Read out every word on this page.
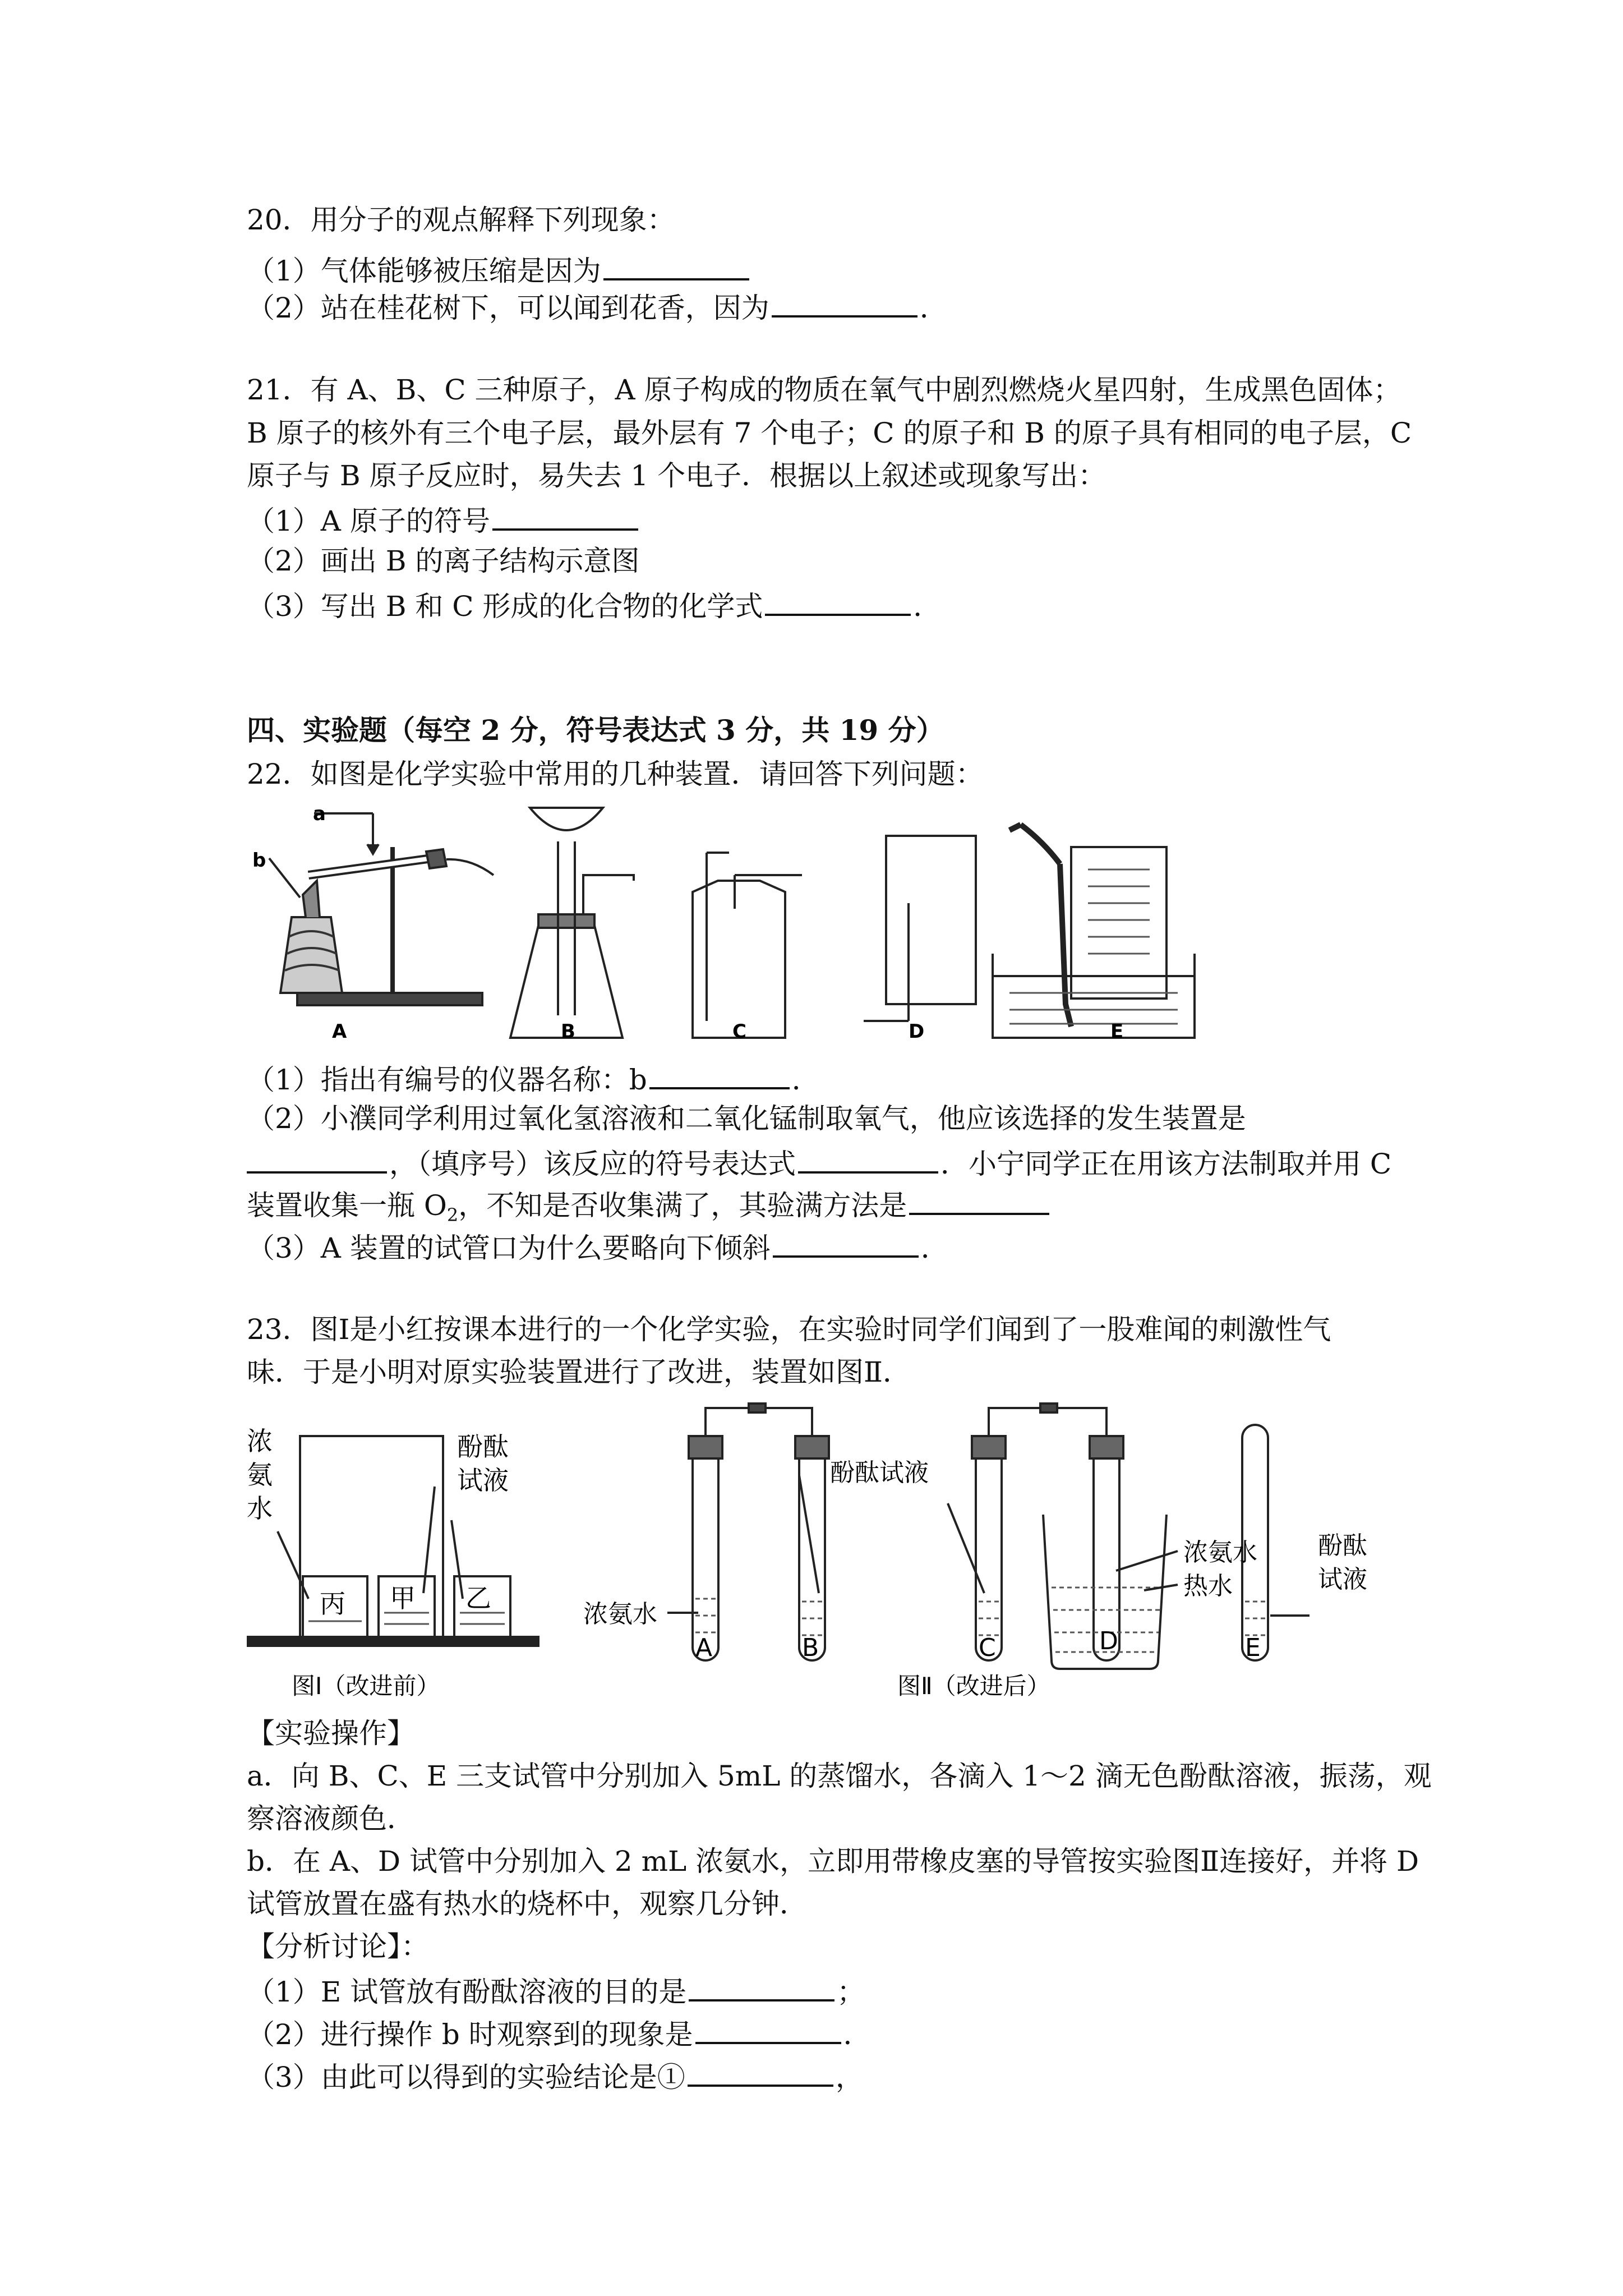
20．用分子的观点解释下列现象：
（1）气体能够被压缩是因为
（2）站在桂花树下，可以闻到花香，因为	．
21．有 A、B、C 三种原子，A 原子构成的物质在氧气中剧烈燃烧火星四射，生成黑色固体；
B 原子的核外有三个电子层，最外层有 7 个电子；C 的原子和 B 的原子具有相同的电子层，C
原子与 B 原子反应时，易失去 1 个电子．根据以上叙述或现象写出：
（1）A 原子的符号
（2）画出 B 的离子结构示意图
（3）写出 B 和 C 形成的化合物的化学式	．
四、实验题（每空 2 分，符号表达式 3 分，共 19 分）
22．如图是化学实验中常用的几种装置．请回答下列问题：
a
b
A	B	C	D	E
（1）指出有编号的仪器名称：b	．
（2）小濮同学利用过氧化氢溶液和二氧化锰制取氧气，他应该选择的发生装置是
，（填序号）该反应的符号表达式	．小宁同学正在用该方法制取并用 C
装置收集一瓶 $O_2$，不知是否收集满了，其验满方法是
（3）A 装置的试管口为什么要略向下倾斜	．
23．图Ⅰ是小红按课本进行的一个化学实验，在实验时同学们闻到了一股难闻的刺激性气
味．于是小明对原实验装置进行了改进，装置如图Ⅱ．
浓
氨
水
酚酞
试液
丙 甲 乙
图Ⅰ（改进前）
酚酞试液
浓氨水
浓氨水
热水
酚酞
试液
A	B	C	D	E
图Ⅱ（改进后）
【实验操作】
a．向 B、C、E 三支试管中分别加入 5mL 的蒸馏水，各滴入 1～2 滴无色酚酞溶液，振荡，观
察溶液颜色．
b．在 A、D 试管中分别加入 2 mL 浓氨水，立即用带橡皮塞的导管按实验图Ⅱ连接好，并将 D
试管放置在盛有热水的烧杯中，观察几分钟．
【分析讨论】：
（1）E 试管放有酚酞溶液的目的是	；
（2）进行操作 b 时观察到的现象是	．
（3）由此可以得到的实验结论是①	，
